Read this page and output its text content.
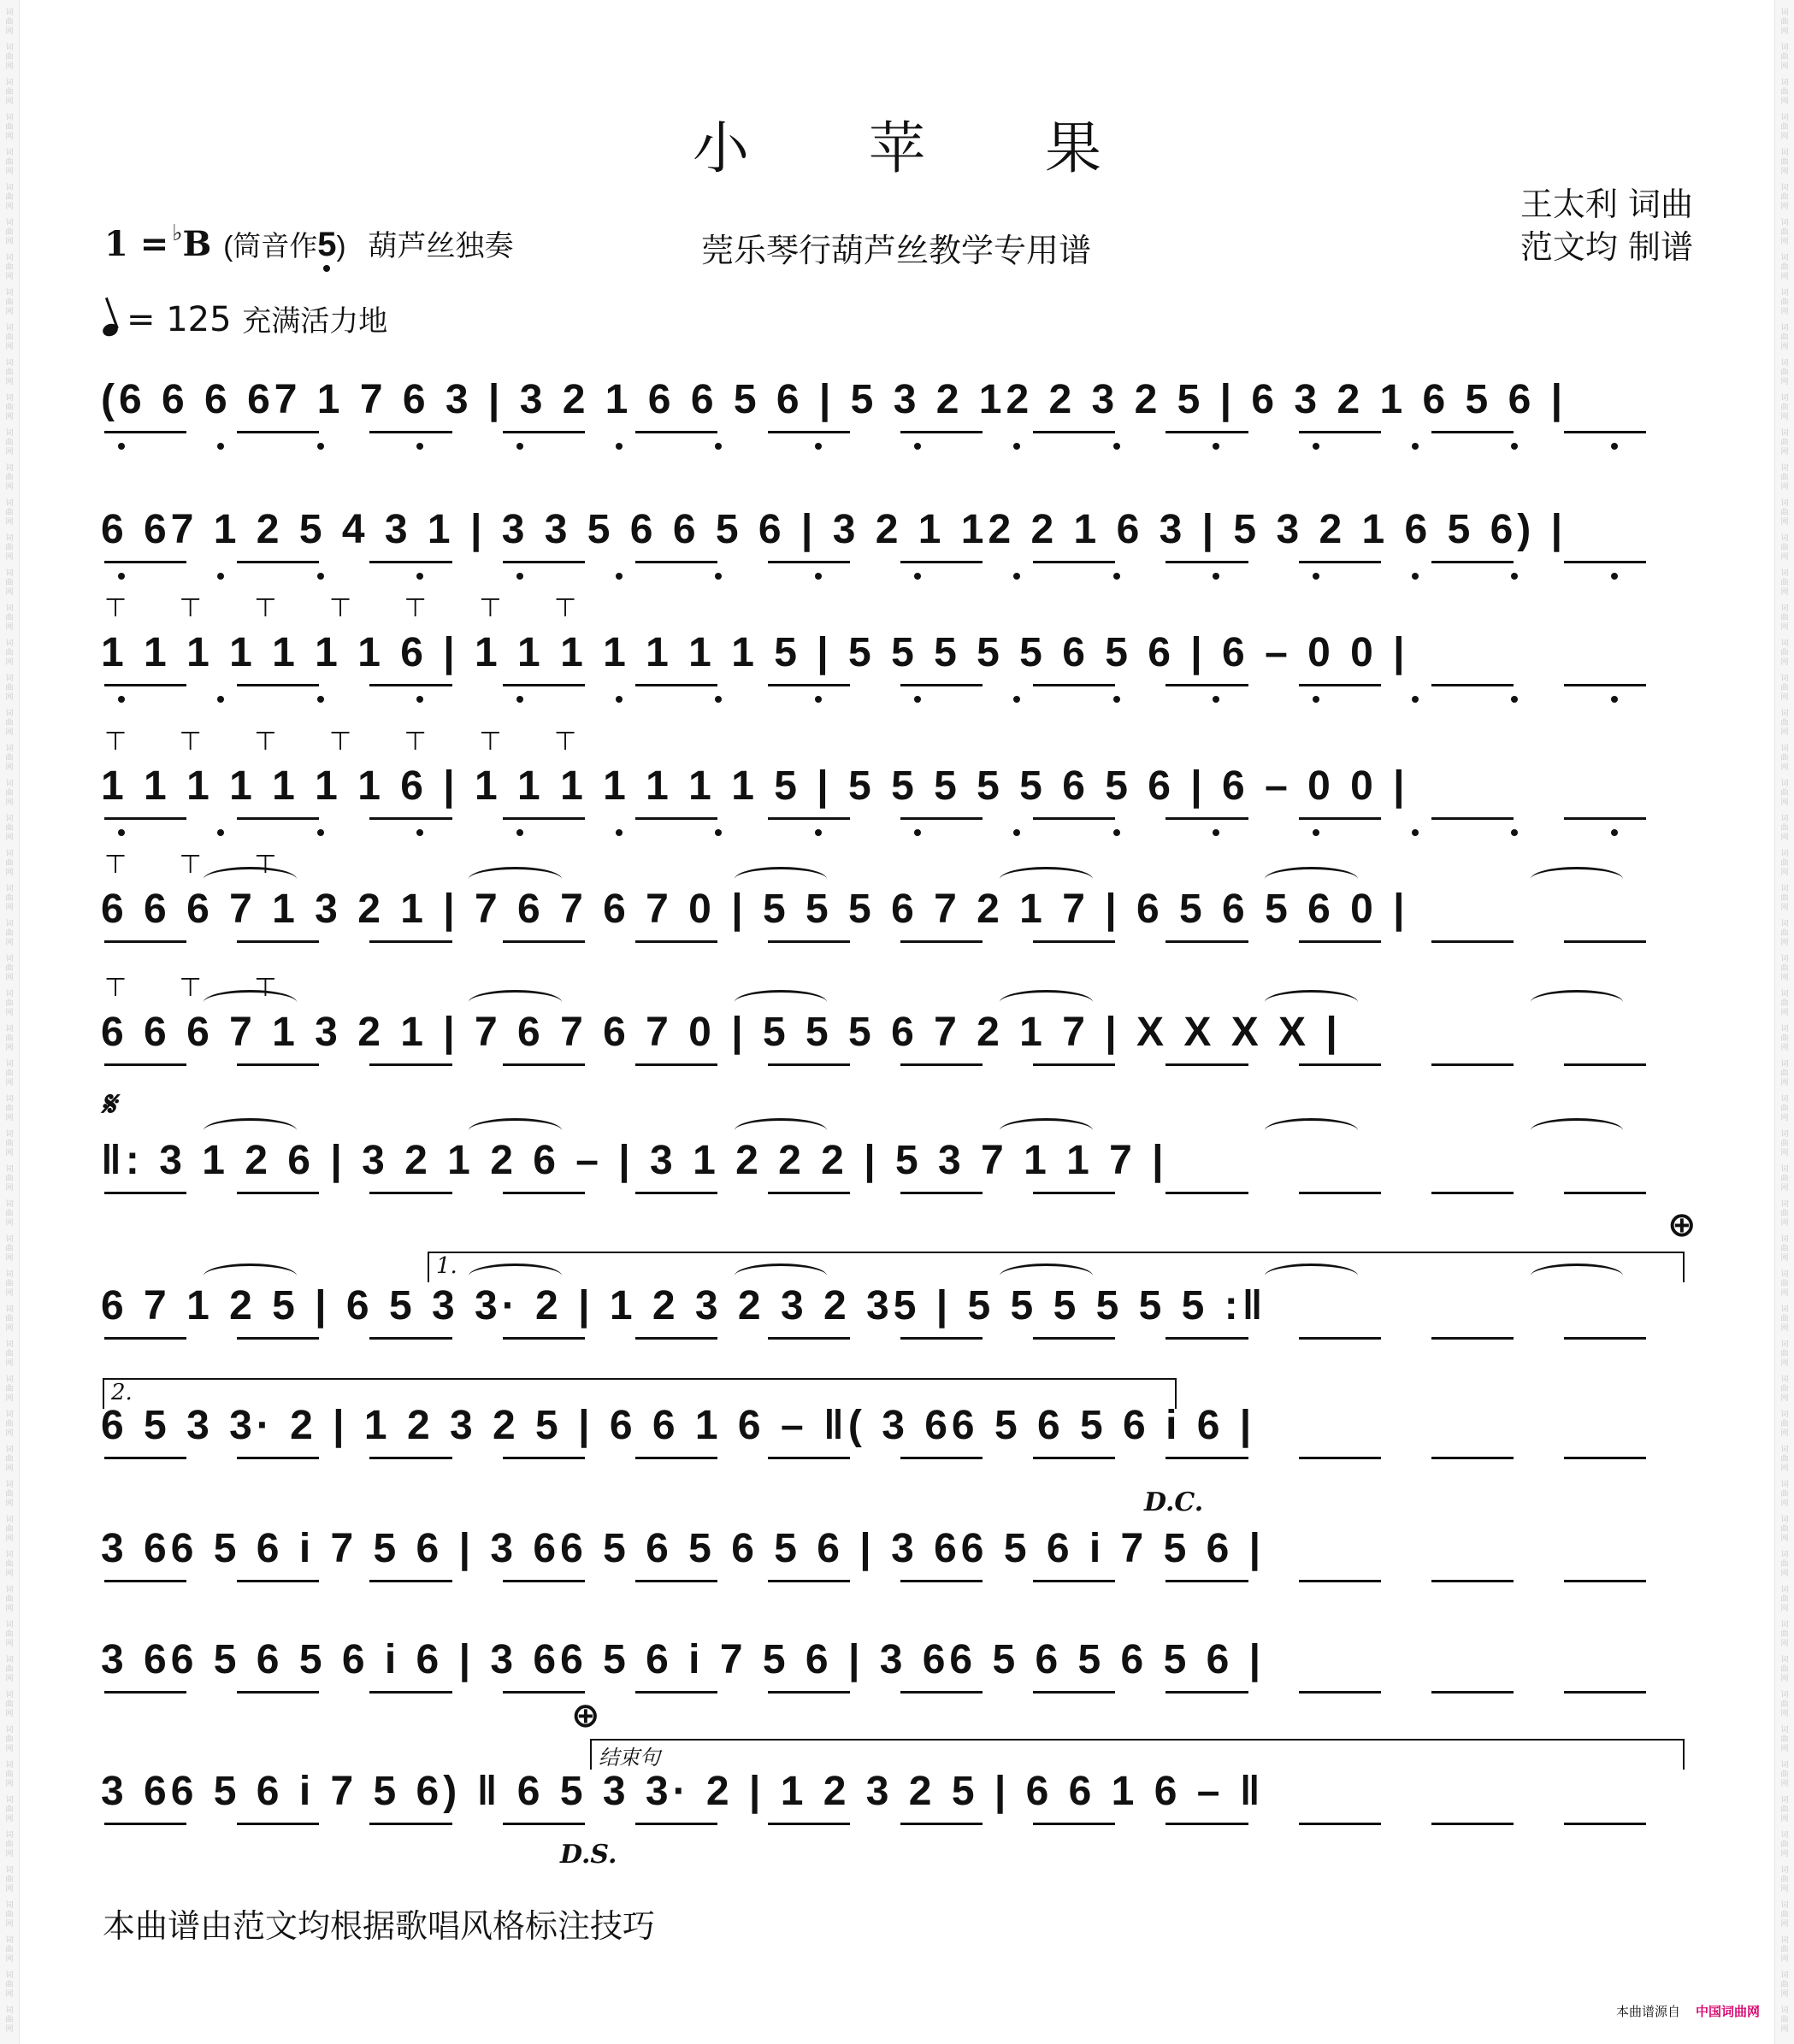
词
曲
网
词
曲
网
词
曲
网
词
曲
网
词
曲
网
词
曲
网
词
曲
网
词
曲
网
词
曲
网
词
曲
网
词
曲
网
词
曲
网
词
曲
网
词
曲
网
词
曲
网
词
曲
网
词
曲
网
词
曲
网
词
曲
网
词
曲
网
词
曲
网
词
曲
网
词
曲
网
词
曲
网
词
曲
网
词
曲
网
词
曲
网
词
曲
网
词
曲
网
词
曲
网
词
曲
网
词
曲
网
词
曲
网
词
曲
网
词
曲
网
词
曲
网
词
曲
网
词
曲
网
词
曲
网
词
曲
网
词
曲
网
词
曲
网
词
曲
网
词
曲
网
词
曲
网
词
曲
网
词
曲
网
词
曲
网
词
曲
网
词
曲
网
词
曲
网
词
曲
网
词
曲
网
词
曲
网
词
曲
网
词
曲
网
词
曲
网
词
曲
网
词
曲
网
词
曲
网
词
曲
网
词
曲
网
词
曲
网
词
曲
网
词
曲
网
词
曲
网
词
曲
网
词
曲
网
词
曲
网
词
曲
网
词
曲
网
词
曲
网
词
曲
网
词
曲
网
词
曲
网
词
曲
网
词
曲
网
词
曲
网
词
曲
网
词
曲
网
词
曲
网
词
曲
网
词
曲
网
词
曲
网
词
曲
网
词
曲
网
词
曲
网
词
曲
网
词
曲
网
词
曲
网
词
曲
网
词
曲
网
词
曲
网
词
曲
网
词
曲
网
词
曲
网
词
曲
网
词
曲
网
词
曲
网
词
曲
网
词
曲
网
词
曲
网
词
曲
网
词
曲
网
词
曲
网
词
曲
网
词
曲
网
词
曲
网
词
曲
网
词
曲
网
词
曲
网
词
曲
网
词
曲
网
词
曲
网
词
曲
网
词
曲
网
小苹果
1 = ♭B (筒音作5) 葫芦丝独奏	莞乐琴行葫芦丝教学专用谱
王太利 词曲
范文均 制谱
= 125 充满活力地
(6 6 6 67 1 7 6 3 | 3 2 1 6 6 5 6 | 5 3 2 12 2 3 2 5 | 6 3 2 1 6 5 6 |
6 67 1 2 5 4 3 1 | 3 3 5 6 6 5 6 | 3 2 1 12 2 1 6 3 | 5 3 2 1 6 5 6) |
⊤ ⊤ ⊤ ⊤ ⊤ ⊤ ⊤
1 1 1 1 1 1 1 6 | 1 1 1 1 1 1 1 5 | 5 5 5 5 5 6 5 6 | 6 – 0 0 |
⊤ ⊤ ⊤ ⊤ ⊤ ⊤ ⊤
1 1 1 1 1 1 1 6 | 1 1 1 1 1 1 1 5 | 5 5 5 5 5 6 5 6 | 6 – 0 0 |
⊤ ⊤ ⊤
6 6 6 7 1 3 2 1 | 7 6 7 6 7 0 | 5 5 5 6 7 2 1 7 | 6 5 6 5 6 0 |
⊤ ⊤ ⊤
6 6 6 7 1 3 2 1 | 7 6 7 6 7 0 | 5 5 5 6 7 2 1 7 | X X X X |
‖: 3 1 2 6 | 3 2 1 2 6 – | 3 1 2 2 2 | 5 3 7 1 1 7 |
6 7 1 2 5 | 6 5 3 3· 2 | 1 2 3 2 3 2 35 | 5 5 5 5 5 5 :‖
6 5 3 3· 2 | 1 2 3 2 5 | 6 6 1 6 – ‖( 3 66 5 6 5 6 i 6 |
3 66 5 6 i 7 5 6 | 3 66 5 6 5 6 5 6 | 3 66 5 6 i 7 5 6 |
3 66 5 6 5 6 i 6 | 3 66 5 6 i 7 5 6 | 3 66 5 6 5 6 5 6 |
3 66 5 6 i 7 5 6) ‖ 6 5 3 3· 2 | 1 2 3 2 5 | 6 6 1 6 – ‖
𝄋
⊕
⊕
1.
2.
结束句
D.C.
D.S.
本曲谱由范文均根据歌唱风格标注技巧
本曲谱源自 中国词曲网
